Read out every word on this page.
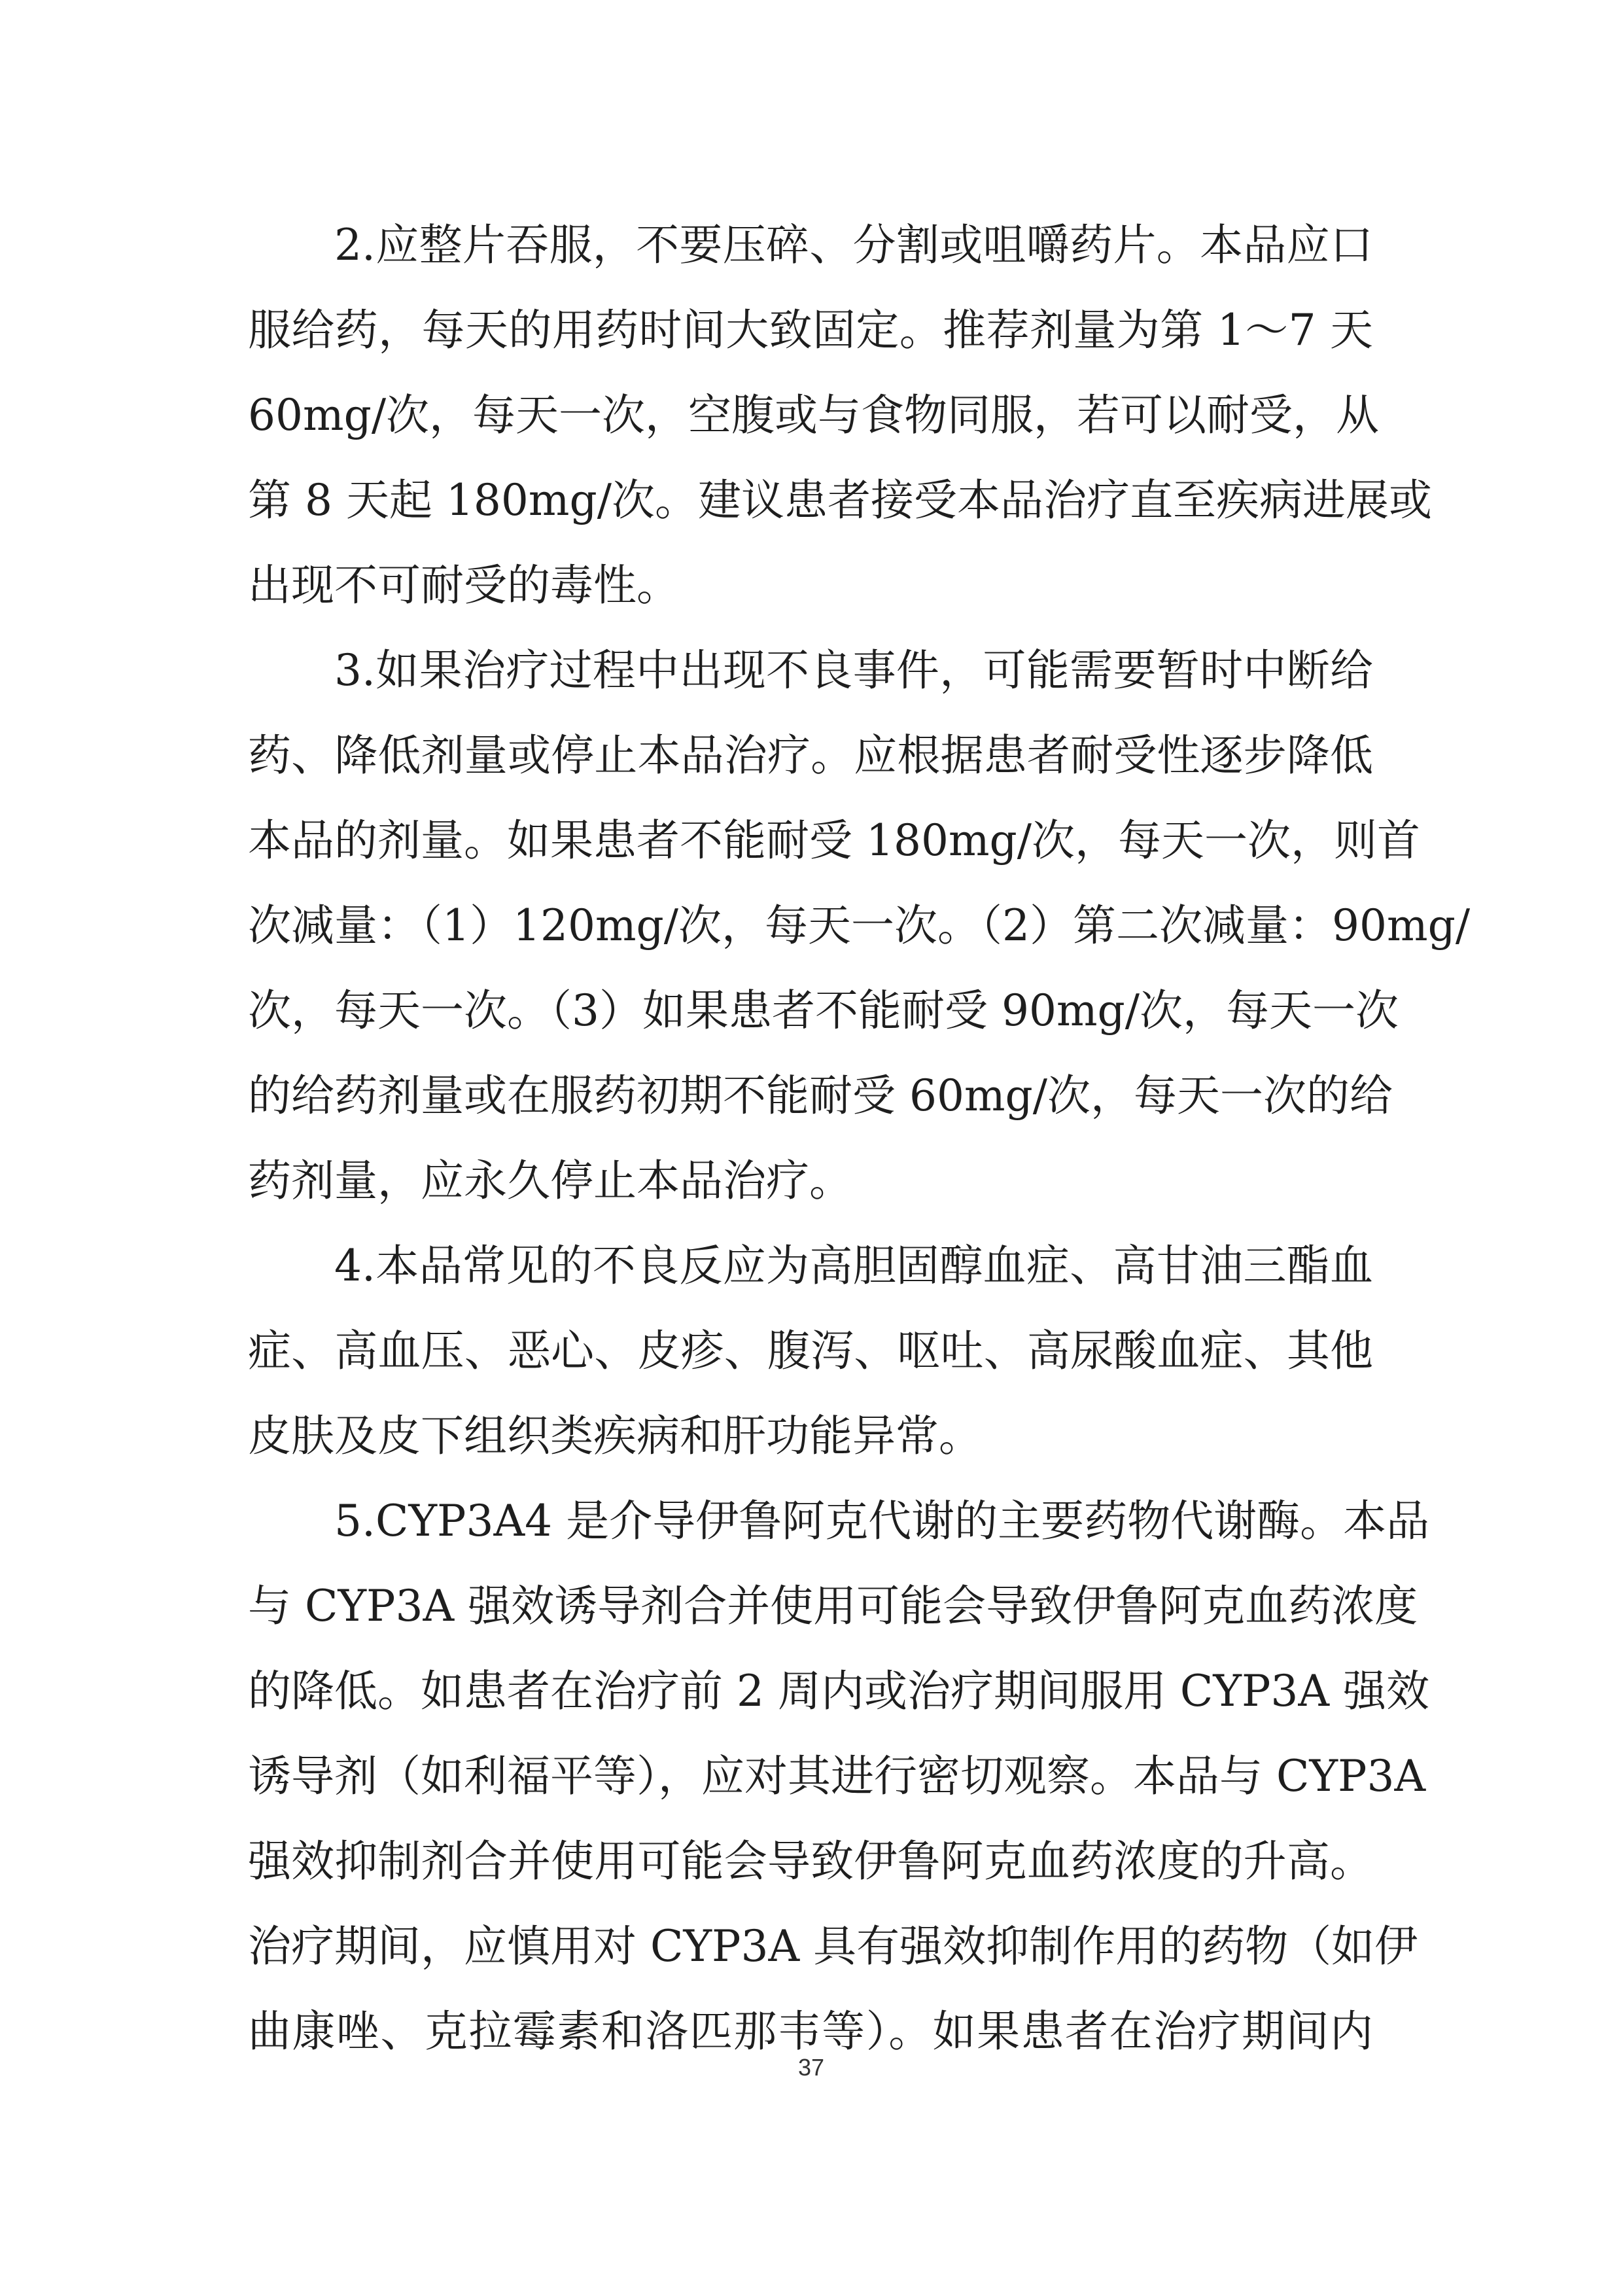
2.应整片吞服，不要压碎、分割或咀嚼药片。本品应口
服给药，每天的用药时间大致固定。推荐剂量为第 1～7 天
60mg/次，每天一次，空腹或与食物同服，若可以耐受，从
第 8 天起 180mg/次。建议患者接受本品治疗直至疾病进展或
出现不可耐受的毒性。
3.如果治疗过程中出现不良事件，可能需要暂时中断给
药、降低剂量或停止本品治疗。应根据患者耐受性逐步降低
本品的剂量。如果患者不能耐受 180mg/次，每天一次，则首
次减量：（1）120mg/次，每天一次。（2）第二次减量：90mg/
次，每天一次。（3）如果患者不能耐受 90mg/次，每天一次
的给药剂量或在服药初期不能耐受 60mg/次，每天一次的给
药剂量，应永久停止本品治疗。
4.本品常见的不良反应为高胆固醇血症、高甘油三酯血
症、高血压、恶心、皮疹、腹泻、呕吐、高尿酸血症、其他
皮肤及皮下组织类疾病和肝功能异常。
5.CYP3A4 是介导伊鲁阿克代谢的主要药物代谢酶。本品
与 CYP3A 强效诱导剂合并使用可能会导致伊鲁阿克血药浓度
的降低。如患者在治疗前 2 周内或治疗期间服用 CYP3A 强效
诱导剂（如利福平等），应对其进行密切观察。本品与 CYP3A
强效抑制剂合并使用可能会导致伊鲁阿克血药浓度的升高。
治疗期间，应慎用对 CYP3A 具有强效抑制作用的药物（如伊
曲康唑、克拉霉素和洛匹那韦等）。如果患者在治疗期间内
37
